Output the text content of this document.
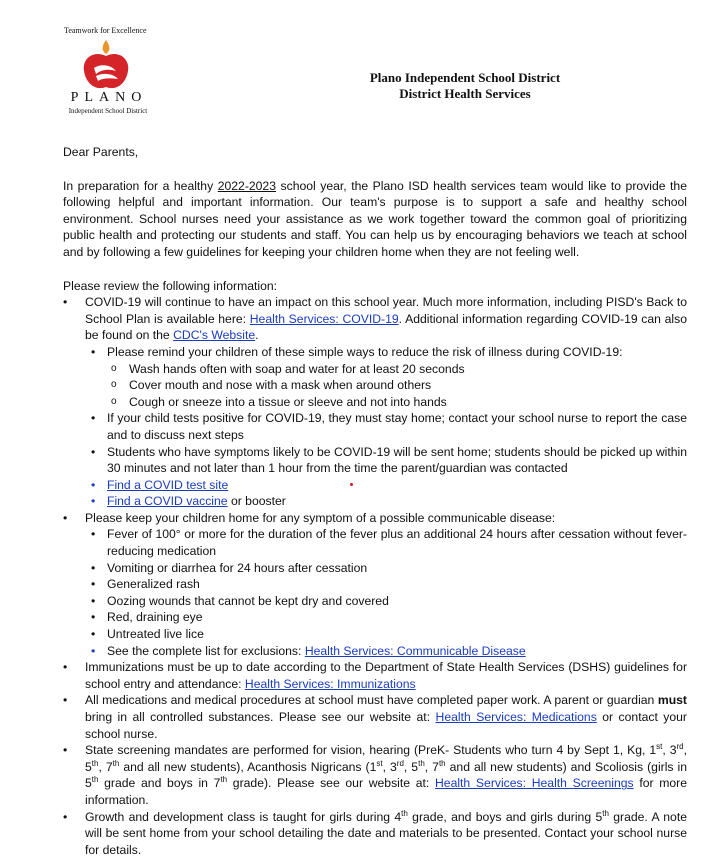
Teamwork for Excellence
PLANO
Independent School District
Plano Independent School District
District Health Services

Dear Parents,

In preparation for a healthy 2022-2023 school year, the Plano ISD health services team would like to provide the following helpful and important information. Our team's purpose is to support a safe and healthy school environment. School nurses need your assistance as we work together toward the common goal of prioritizing public health and protecting our students and staff. You can help us by encouraging behaviors we teach at school and by following a few guidelines for keeping your children home when they are not feeling well.

Please review the following information:

• COVID-19 will continue to have an impact on this school year. Much more information, including PISD's Back to School Plan is available here: Health Services: COVID-19. Additional information regarding COVID-19 can also be found on the CDC's Website.
• Please remind your children of these simple ways to reduce the risk of illness during COVID-19:
o Wash hands often with soap and water for at least 20 seconds
o Cover mouth and nose with a mask when around others
o Cough or sneeze into a tissue or sleeve and not into hands
• If your child tests positive for COVID-19, they must stay home; contact your school nurse to report the case and to discuss next steps
• Students who have symptoms likely to be COVID-19 will be sent home; students should be picked up within 30 minutes and not later than 1 hour from the time the parent/guardian was contacted
• Find a COVID test site
• Find a COVID vaccine or booster
• Please keep your children home for any symptom of a possible communicable disease:
• Fever of 100° or more for the duration of the fever plus an additional 24 hours after cessation without fever-reducing medication
• Vomiting or diarrhea for 24 hours after cessation
• Generalized rash
• Oozing wounds that cannot be kept dry and covered
• Red, draining eye
• Untreated live lice
• See the complete list for exclusions: Health Services: Communicable Disease
• Immunizations must be up to date according to the Department of State Health Services (DSHS) guidelines for school entry and attendance: Health Services: Immunizations
• All medications and medical procedures at school must have completed paper work. A parent or guardian must bring in all controlled substances. Please see our website at: Health Services: Medications or contact your school nurse.
• State screening mandates are performed for vision, hearing (PreK- Students who turn 4 by Sept 1, Kg, 1st, 3rd, 5th, 7th and all new students), Acanthosis Nigricans (1st, 3rd, 5th, 7th and all new students) and Scoliosis (girls in 5th grade and boys in 7th grade). Please see our website at: Health Services: Health Screenings for more information.
• Growth and development class is taught for girls during 4th grade, and boys and girls during 5th grade. A note will be sent home from your school detailing the date and materials to be presented. Contact your school nurse for details.
